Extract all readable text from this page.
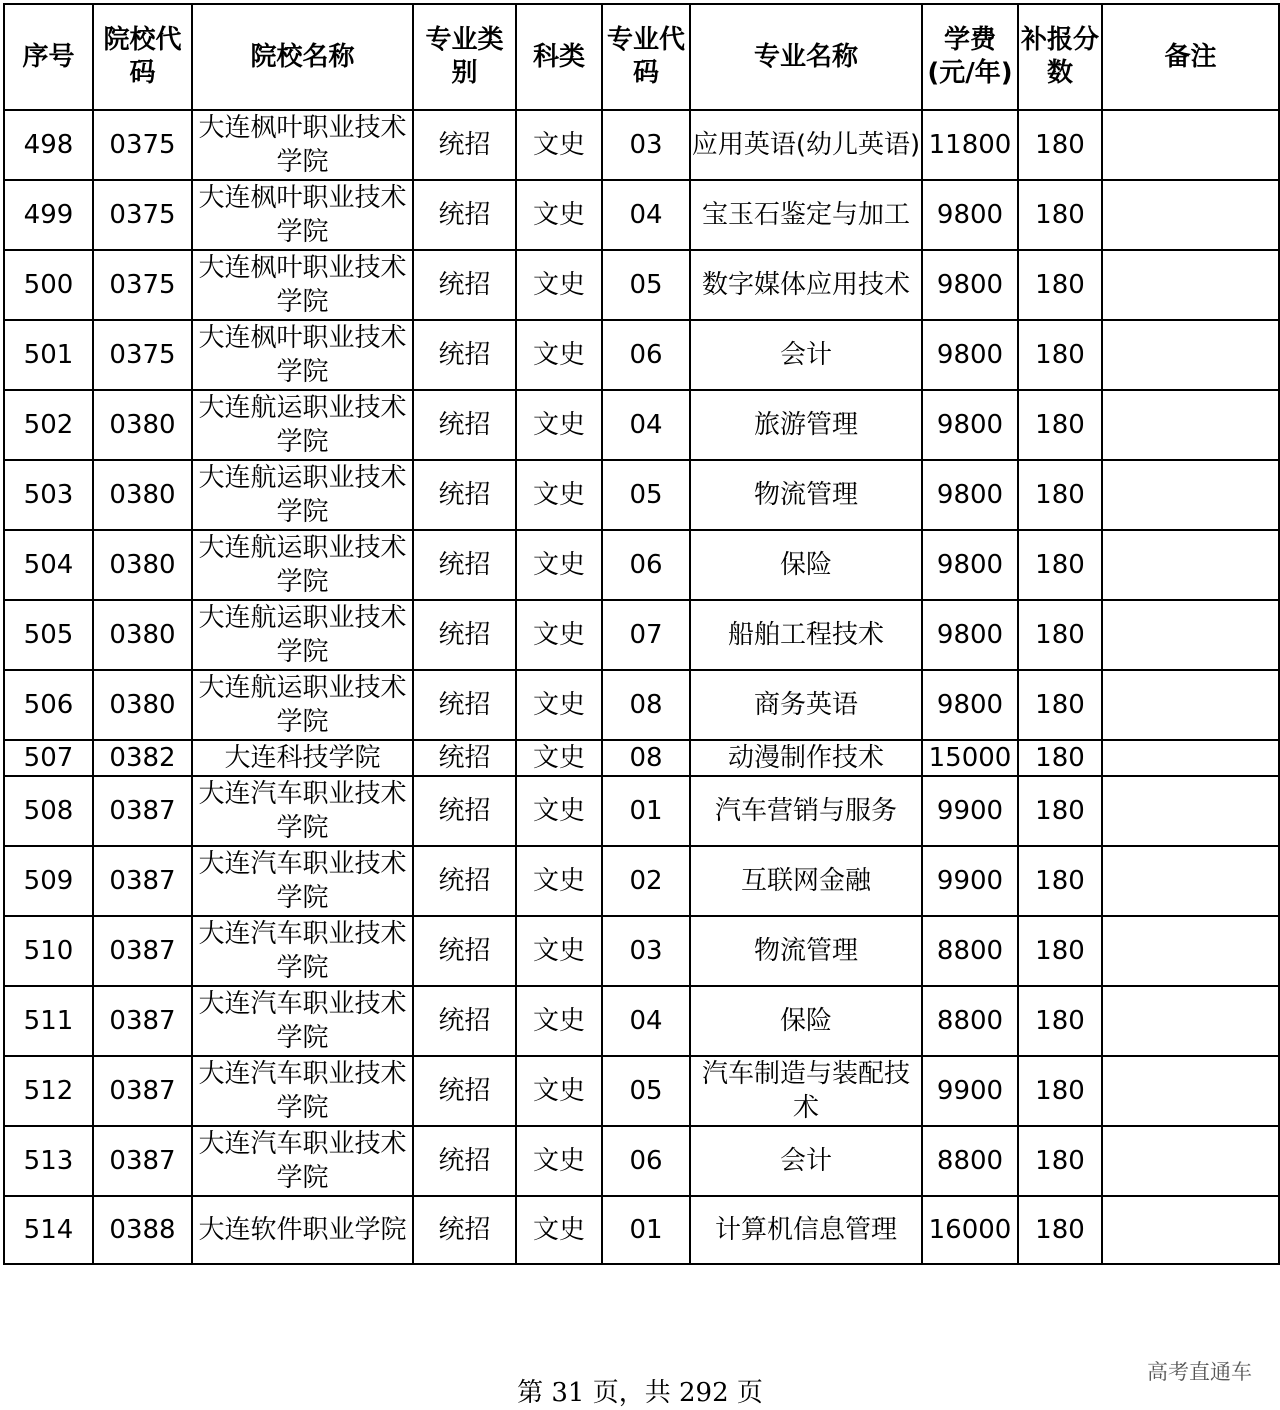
序号	院校代码	院校名称	专业类别	科类	专业代码	专业名称	学费(元/年)	补报分数	备注
498	0375	大连枫叶职业技术学院	统招	文史	03	应用英语(幼儿英语)	11800	180	
499	0375	大连枫叶职业技术学院	统招	文史	04	宝玉石鉴定与加工	9800	180	
500	0375	大连枫叶职业技术学院	统招	文史	05	数字媒体应用技术	9800	180	
501	0375	大连枫叶职业技术学院	统招	文史	06	会计	9800	180	
502	0380	大连航运职业技术学院	统招	文史	04	旅游管理	9800	180	
503	0380	大连航运职业技术学院	统招	文史	05	物流管理	9800	180	
504	0380	大连航运职业技术学院	统招	文史	06	保险	9800	180	
505	0380	大连航运职业技术学院	统招	文史	07	船舶工程技术	9800	180	
506	0380	大连航运职业技术学院	统招	文史	08	商务英语	9800	180	
507	0382	大连科技学院	统招	文史	08	动漫制作技术	15000	180	
508	0387	大连汽车职业技术学院	统招	文史	01	汽车营销与服务	9900	180	
509	0387	大连汽车职业技术学院	统招	文史	02	互联网金融	9900	180	
510	0387	大连汽车职业技术学院	统招	文史	03	物流管理	8800	180	
511	0387	大连汽车职业技术学院	统招	文史	04	保险	8800	180	
512	0387	大连汽车职业技术学院	统招	文史	05	汽车制造与装配技术	9900	180	
513	0387	大连汽车职业技术学院	统招	文史	06	会计	8800	180	
514	0388	大连软件职业学院	统招	文史	01	计算机信息管理	16000	180	
第 31 页，共 292 页
高考直通车
